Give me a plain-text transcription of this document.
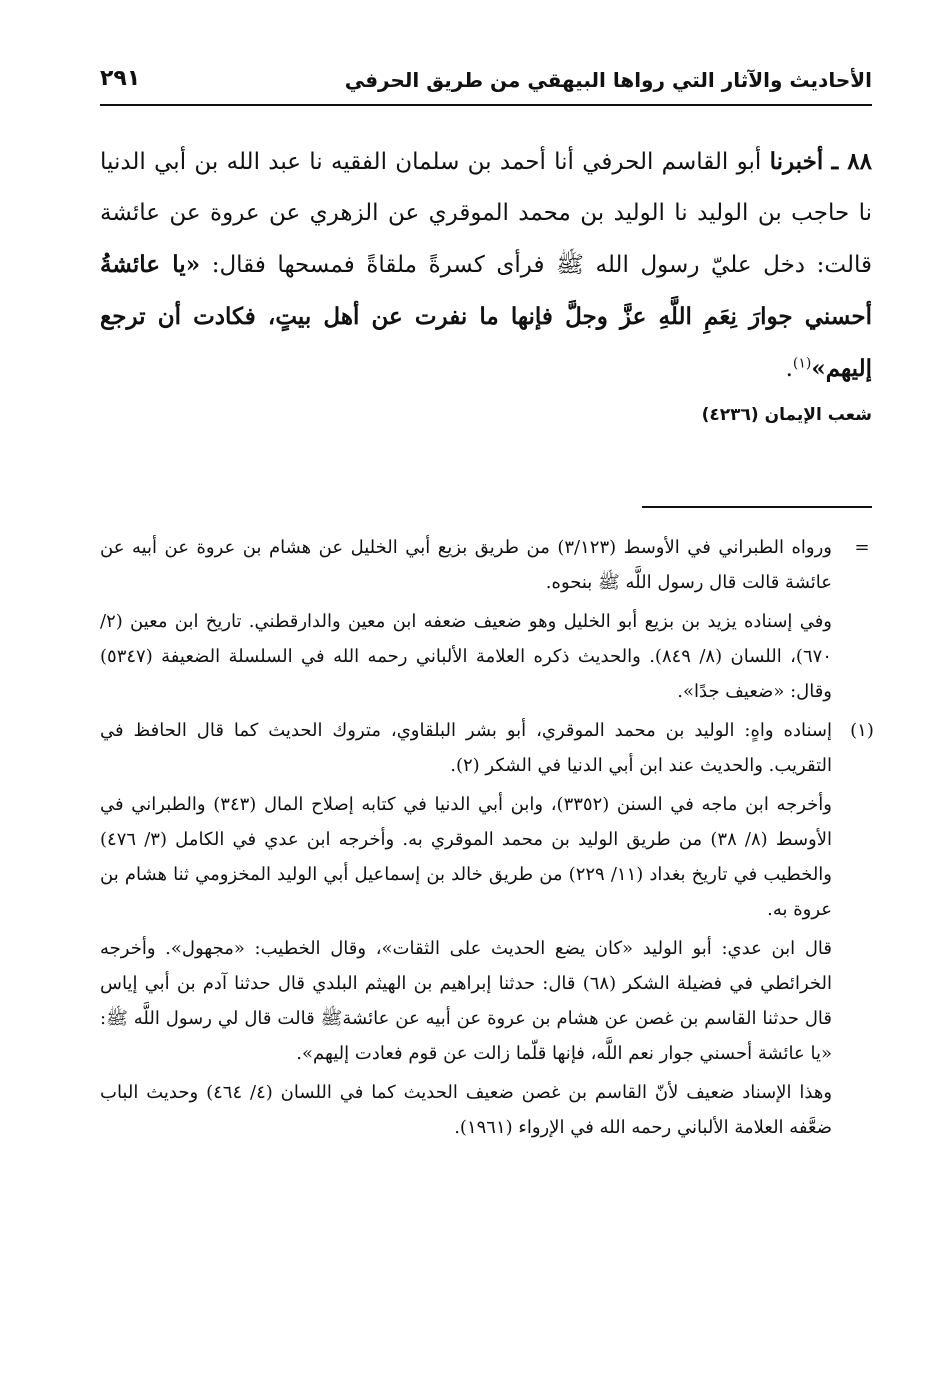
الأحاديث والآثار التي رواها البيهقي من طريق الحرفي
٢٩١
٨٨ ـ أخبرنا أبو القاسم الحرفي أنا أحمد بن سلمان الفقيه نا عبد الله بن أبي الدنيا نا حاجب بن الوليد نا الوليد بن محمد الموقري عن الزهري عن عروة عن عائشة قالت: دخل عليّ رسول الله ﷺ فرأى كسرةً ملقاةً فمسحها فقال: «يا عائشةُ أحسني جوارَ نِعَمِ اللَّهِ عزَّ وجلَّ فإنها ما نفرت عن أهل بيتٍ، فكادت أن ترجع إليهم»$^{(١)}$.
شعب الإيمان (٤٢٣٦)
=

ورواه الطبراني في الأوسط (٣/١٢٣) من طريق بزيع أبي الخليل عن هشام بن عروة عن أبيه عن عائشة قالت قال رسول اللَّه ﷺ بنحوه.

وفي إسناده يزيد بن بزيع أبو الخليل وهو ضعيف ضعفه ابن معين والدارقطني. تاريخ ابن معين (٢/ ٦٧٠)، اللسان (٨/ ٨٤٩). والحديث ذكره العلامة الألباني رحمه الله في السلسلة الضعيفة (٥٣٤٧) وقال: «ضعيف جدًا».

(١)

إسناده واهٍ: الوليد بن محمد الموقري، أبو بشر البلقاوي، متروك الحديث كما قال الحافظ في التقريب. والحديث عند ابن أبي الدنيا في الشكر (٢).

وأخرجه ابن ماجه في السنن (٣٣٥٢)، وابن أبي الدنيا في كتابه إصلاح المال (٣٤٣) والطبراني في الأوسط (٨/ ٣٨) من طريق الوليد بن محمد الموقري به. وأخرجه ابن عدي في الكامل (٣/ ٤٧٦) والخطيب في تاريخ بغداد (١١/ ٢٢٩) من طريق خالد بن إسماعيل أبي الوليد المخزومي ثنا هشام بن عروة به.

قال ابن عدي: أبو الوليد «كان يضع الحديث على الثقات»، وقال الخطيب: «مجهول». وأخرجه الخرائطي في فضيلة الشكر (٦٨) قال: حدثنا إبراهيم بن الهيثم البلدي قال حدثنا آدم بن أبي إياس قال حدثنا القاسم بن غصن عن هشام بن عروة عن أبيه عن عائشةﷺ قالت قال لي رسول اللَّه ﷺ: «يا عائشة أحسني جوار نعم اللَّه، فإنها قلّما زالت عن قوم فعادت إليهم».

وهذا الإسناد ضعيف لأنّ القاسم بن غصن ضعيف الحديث كما في اللسان (٤/ ٤٦٤) وحديث الباب ضعَّفه العلامة الألباني رحمه الله في الإرواء (١٩٦١).
